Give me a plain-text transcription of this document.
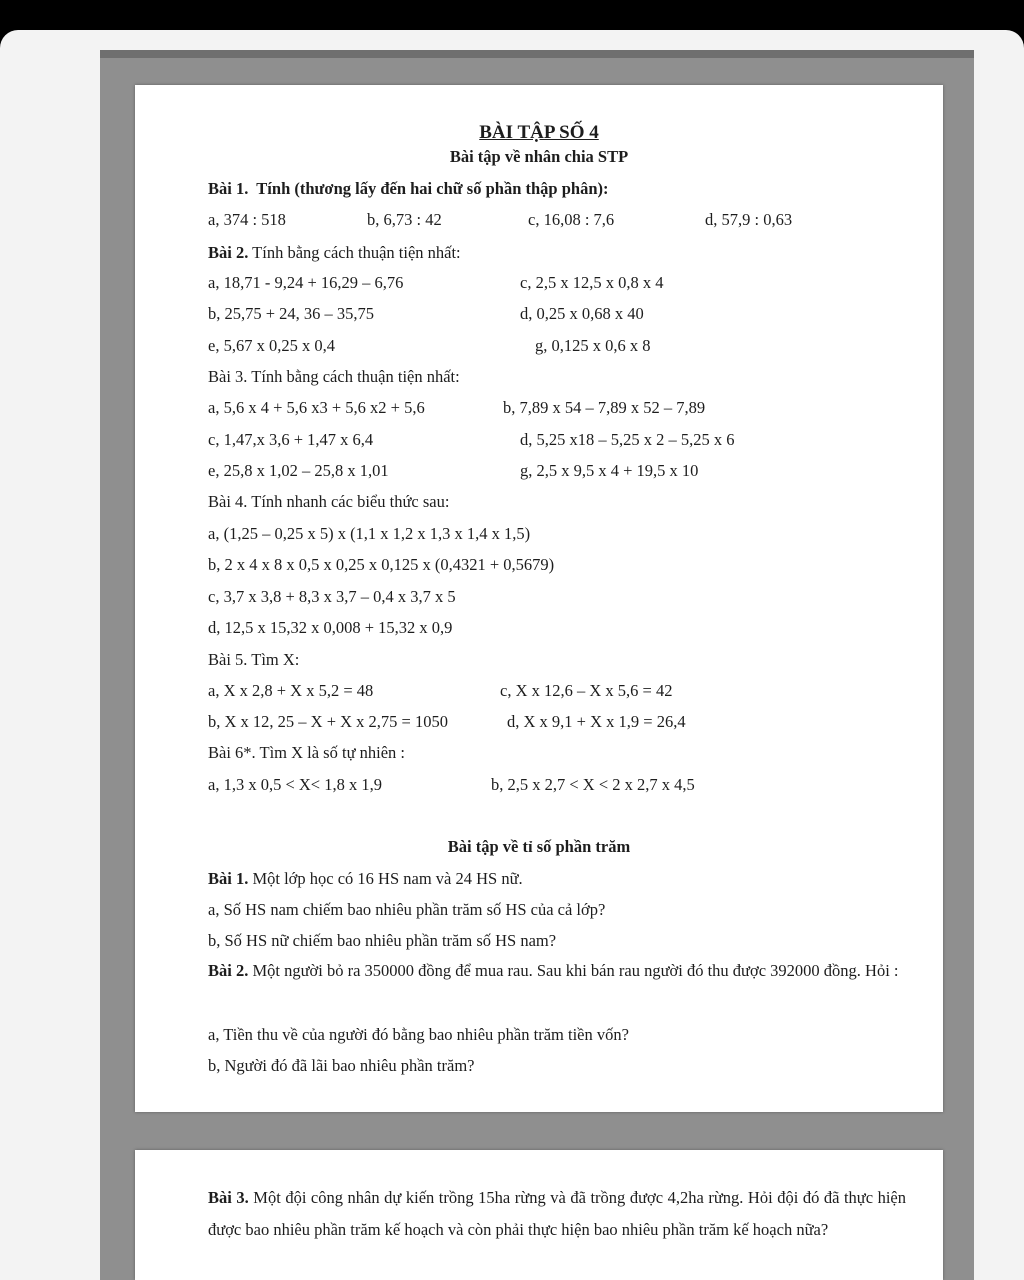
BÀI TẬP SỐ 4
Bài tập về nhân chia STP
Bài 1. Tính (thương lấy đến hai chữ số phần thập phân):
a, 374 : 518	b, 6,73 : 42	c, 16,08 : 7,6	d, 57,9 : 0,63
Bài 2. Tính bằng cách thuận tiện nhất:
a, 18,71 - 9,24 + 16,29 – 6,76	c, 2,5 x 12,5 x 0,8 x 4
b, 25,75 + 24, 36 – 35,75	d, 0,25 x 0,68 x 40
e, 5,67 x 0,25 x 0,4	g, 0,125 x 0,6 x 8
Bài 3. Tính bằng cách thuận tiện nhất:
a, 5,6 x 4 + 5,6 x3 + 5,6 x2 + 5,6	b, 7,89 x 54 – 7,89 x 52 – 7,89
c, 1,47,x 3,6 + 1,47 x 6,4	d, 5,25 x18 – 5,25 x 2 – 5,25 x 6
e, 25,8 x 1,02 – 25,8 x 1,01	g, 2,5 x 9,5 x 4 + 19,5 x 10
Bài 4. Tính nhanh các biểu thức sau:
a, (1,25 – 0,25 x 5) x (1,1 x 1,2 x 1,3 x 1,4 x 1,5)
b, 2 x 4 x 8 x 0,5 x 0,25 x 0,125 x (0,4321 + 0,5679)
c, 3,7 x 3,8 + 8,3 x 3,7 – 0,4 x 3,7 x 5
d, 12,5 x 15,32 x 0,008 + 15,32 x 0,9
Bài 5. Tìm X:
a, X x 2,8 + X x 5,2 = 48	c, X x 12,6 – X x 5,6 = 42
b, X x 12, 25 – X + X x 2,75 = 1050	d, X x 9,1 + X x 1,9 = 26,4
Bài 6*. Tìm X là số tự nhiên :
a, 1,3 x 0,5 < X< 1,8 x 1,9	b, 2,5 x 2,7 < X < 2 x 2,7 x 4,5
Bài tập về tỉ số phần trăm
Bài 1. Một lớp học có 16 HS nam và 24 HS nữ.
a, Số HS nam chiếm bao nhiêu phần trăm số HS của cả lớp?
b, Số HS nữ chiếm bao nhiêu phần trăm số HS nam?
Bài 2. Một người bỏ ra 350000 đồng để mua rau. Sau khi bán rau người đó thu được 392000 đồng. Hỏi :
a, Tiền thu về của người đó bằng bao nhiêu phần trăm tiền vốn?
b, Người đó đã lãi bao nhiêu phần trăm?
Bài 3. Một đội công nhân dự kiến trồng 15ha rừng và đã trồng được 4,2ha rừng. Hỏi đội đó đã thực hiện được bao nhiêu phần trăm kế hoạch và còn phải thực hiện bao nhiêu phần trăm kế hoạch nữa?
